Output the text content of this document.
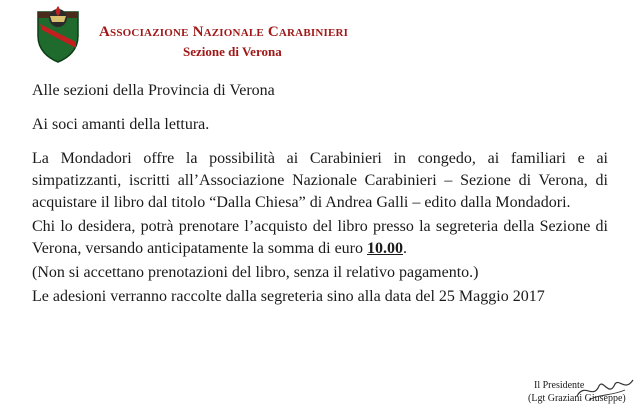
Associazione Nazionale Carabinieri

Sezione di Verona

Alle sezioni della Provincia di Verona

Ai soci amanti della lettura.

La Mondadori offre la possibilità ai Carabinieri in congedo, ai familiari e ai simpatizzanti, iscritti all’Associazione Nazionale Carabinieri – Sezione di Verona, di acquistare il libro dal titolo “Dalla Chiesa” di Andrea Galli – edito dalla Mondadori.

Chi lo desidera, potrà prenotare l’acquisto del libro presso la segreteria della Sezione di Verona, versando anticipatamente la somma di euro 10.00.

(Non si accettano prenotazioni del libro, senza il relativo pagamento.)

Le adesioni verranno raccolte dalla segreteria sino alla data del 25 Maggio 2017

Il Presidente

(Lgt Graziani Giuseppe)
